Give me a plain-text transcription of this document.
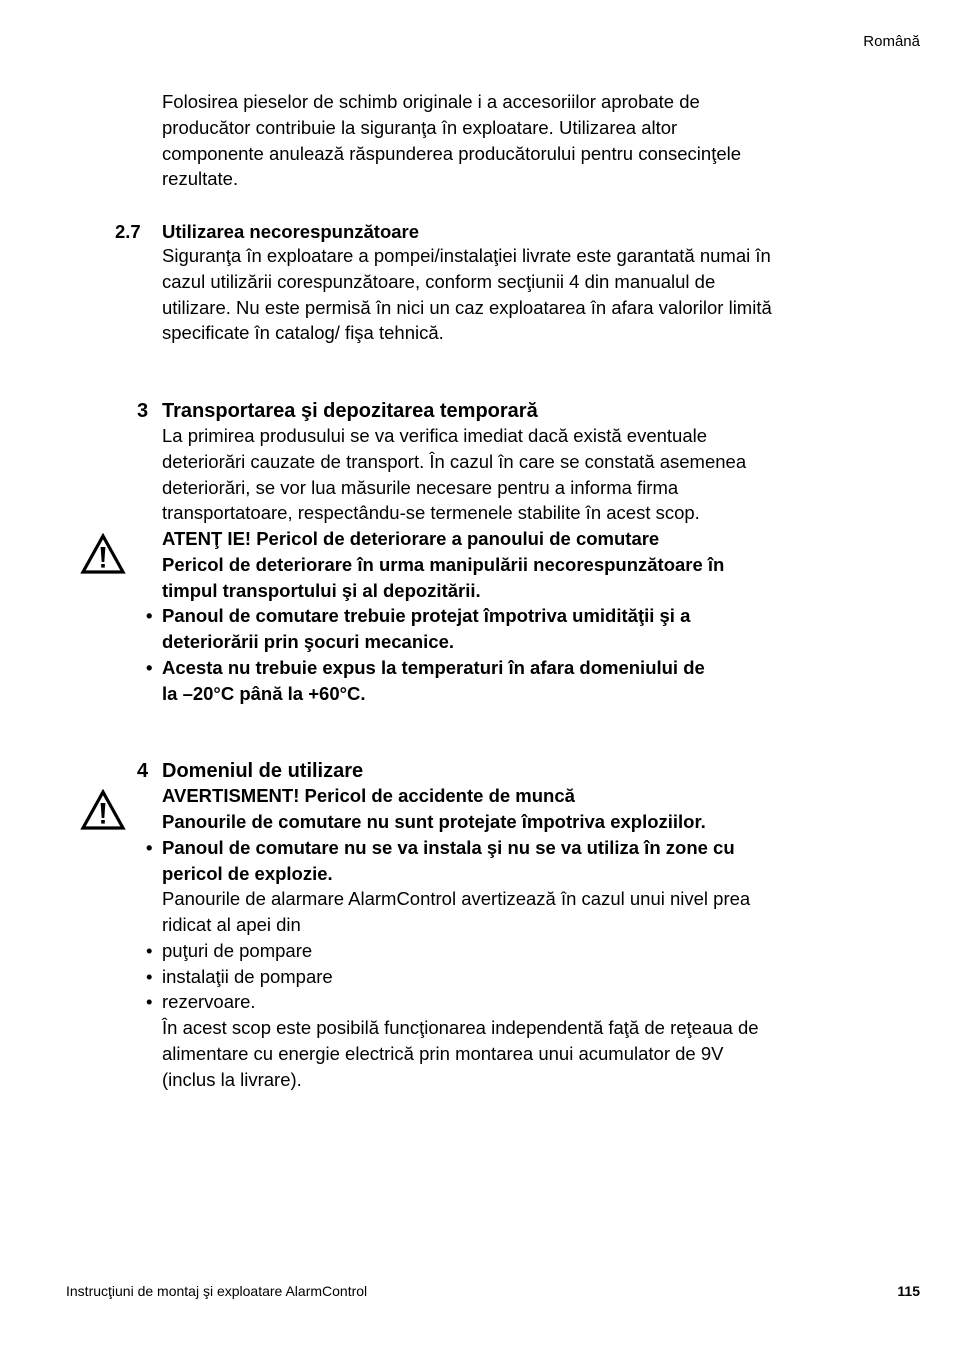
Română
Folosirea pieselor de schimb originale i a accesoriilor aprobate de
producător contribuie la siguranţa în exploatare. Utilizarea altor
componente anulează răspunderea producătorului pentru consecinţele
rezultate.
2.7 Utilizarea necorespunzătoare
Siguranţa în exploatare a pompei/instalaţiei livrate este garantată numai în
cazul utilizării corespunzătoare, conform secţiunii 4 din manualul de
utilizare. Nu este permisă în nici un caz exploatarea în afara valorilor limită
specificate în catalog/ fişa tehnică.
3 Transportarea şi depozitarea temporară
La primirea produsului se va verifica imediat dacă există eventuale
deteriorări cauzate de transport. În cazul în care se constată asemenea
deteriorări, se vor lua măsurile necesare pentru a informa firma
transportatoare, respectându-se termenele stabilite în acest scop.
ATENŢ IE! Pericol de deteriorare a panoului de comutare
Pericol de deteriorare în urma manipulării necorespunzătoare în
timpul transportului şi al depozitării.
• Panoul de comutare trebuie protejat împotriva umidităţii şi a
deteriorării prin şocuri mecanice.
• Acesta nu trebuie expus la temperaturi în afara domeniului de
la –20°C până la +60°C.
4 Domeniul de utilizare
AVERTISMENT! Pericol de accidente de muncă
Panourile de comutare nu sunt protejate împotriva exploziilor.
• Panoul de comutare nu se va instala şi nu se va utiliza în zone cu
pericol de explozie.
Panourile de alarmare AlarmControl avertizează în cazul unui nivel prea
ridicat al apei din
• puţuri de pompare
• instalaţii de pompare
• rezervoare.
În acest scop este posibilă funcţionarea independentă faţă de reţeaua de
alimentare cu energie electrică prin montarea unui acumulator de 9V
(inclus la livrare).
Instrucţiuni de montaj şi exploatare AlarmControl	115
